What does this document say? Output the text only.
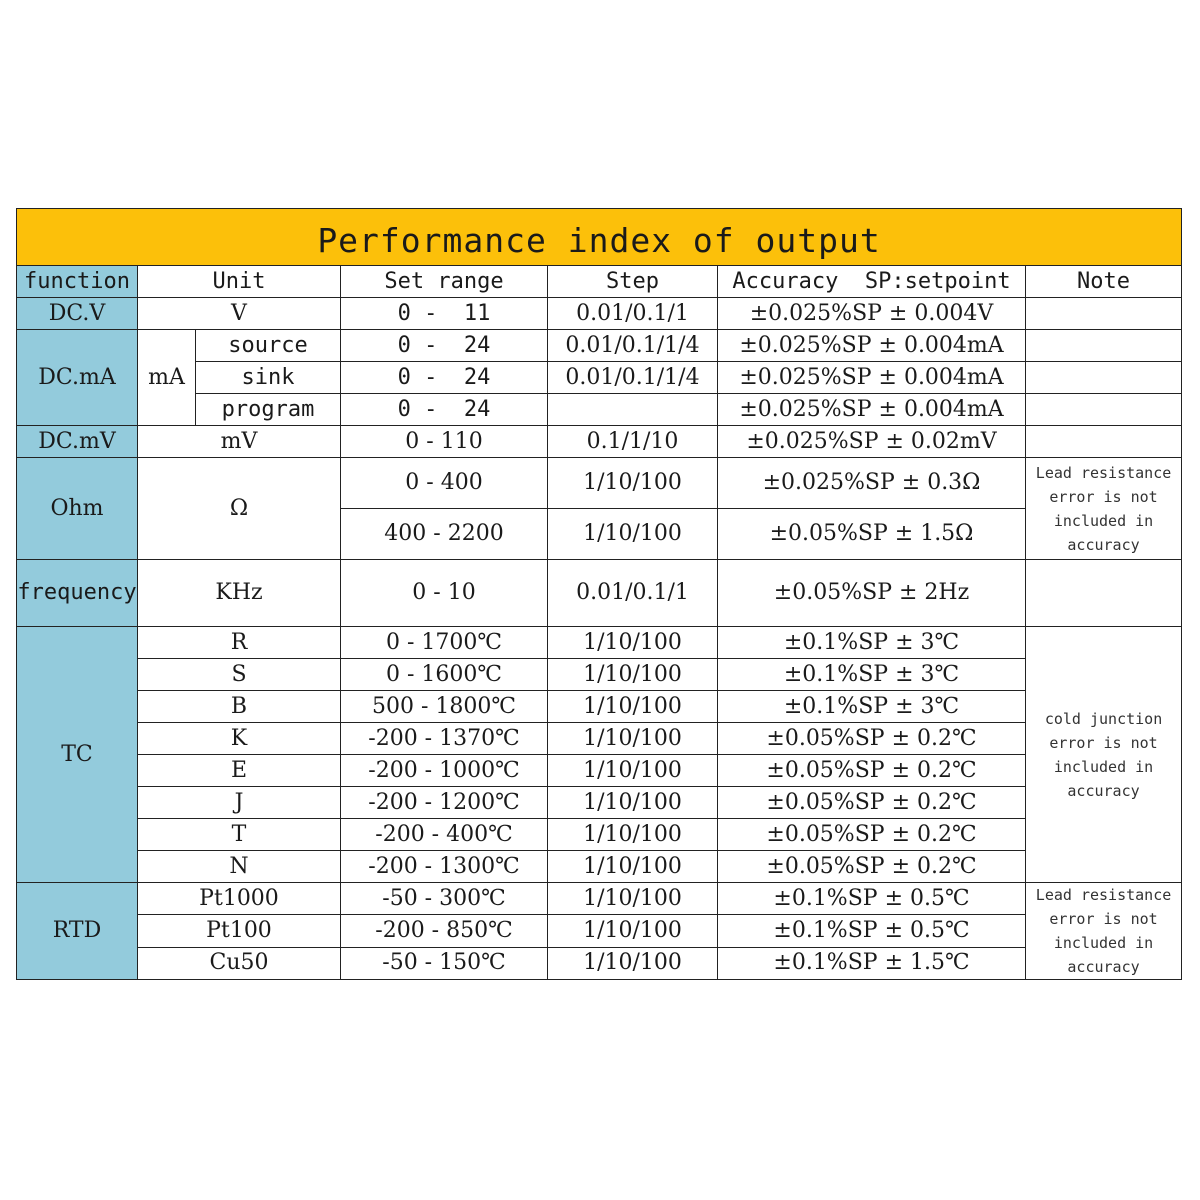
Performance index of output						
function	Unit		Set range	Step	Accuracy  SP:setpoint	Note
DC.V	V		0 -  11	0.01/0.1/1	±0.025%SP ± 0.004V	
DC.mA	mA	source	0 -  24	0.01/0.1/1/4	±0.025%SP ± 0.004mA	
		sink	0 -  24	0.01/0.1/1/4	±0.025%SP ± 0.004mA	
		program	0 -  24		±0.025%SP ± 0.004mA	
DC.mV	mV		0 - 110	0.1/1/10	±0.025%SP ± 0.02mV	
Ohm	Ω		0 - 400	1/10/100	±0.025%SP ± 0.3Ω	Lead resistance error is not included in accuracy
			400 - 2200	1/10/100	±0.05%SP ± 1.5Ω	
frequency	KHz		0 - 10	0.01/0.1/1	±0.05%SP ± 2Hz	
TC	R		0 - 1700℃	1/10/100	±0.1%SP ± 3℃	cold junction error is not included in accuracy
	S		0 - 1600℃	1/10/100	±0.1%SP ± 3℃	
	B		500 - 1800℃	1/10/100	±0.1%SP ± 3℃	
	K		-200 - 1370℃	1/10/100	±0.05%SP ± 0.2℃	
	E		-200 - 1000℃	1/10/100	±0.05%SP ± 0.2℃	
	J		-200 - 1200℃	1/10/100	±0.05%SP ± 0.2℃	
	T		-200 - 400℃	1/10/100	±0.05%SP ± 0.2℃	
	N		-200 - 1300℃	1/10/100	±0.05%SP ± 0.2℃	
RTD	Pt1000		-50 - 300℃	1/10/100	±0.1%SP ± 0.5℃	Lead resistance error is not included in accuracy
	Pt100		-200 - 850℃	1/10/100	±0.1%SP ± 0.5℃	
	Cu50		-50 - 150℃	1/10/100	±0.1%SP ± 1.5℃	
